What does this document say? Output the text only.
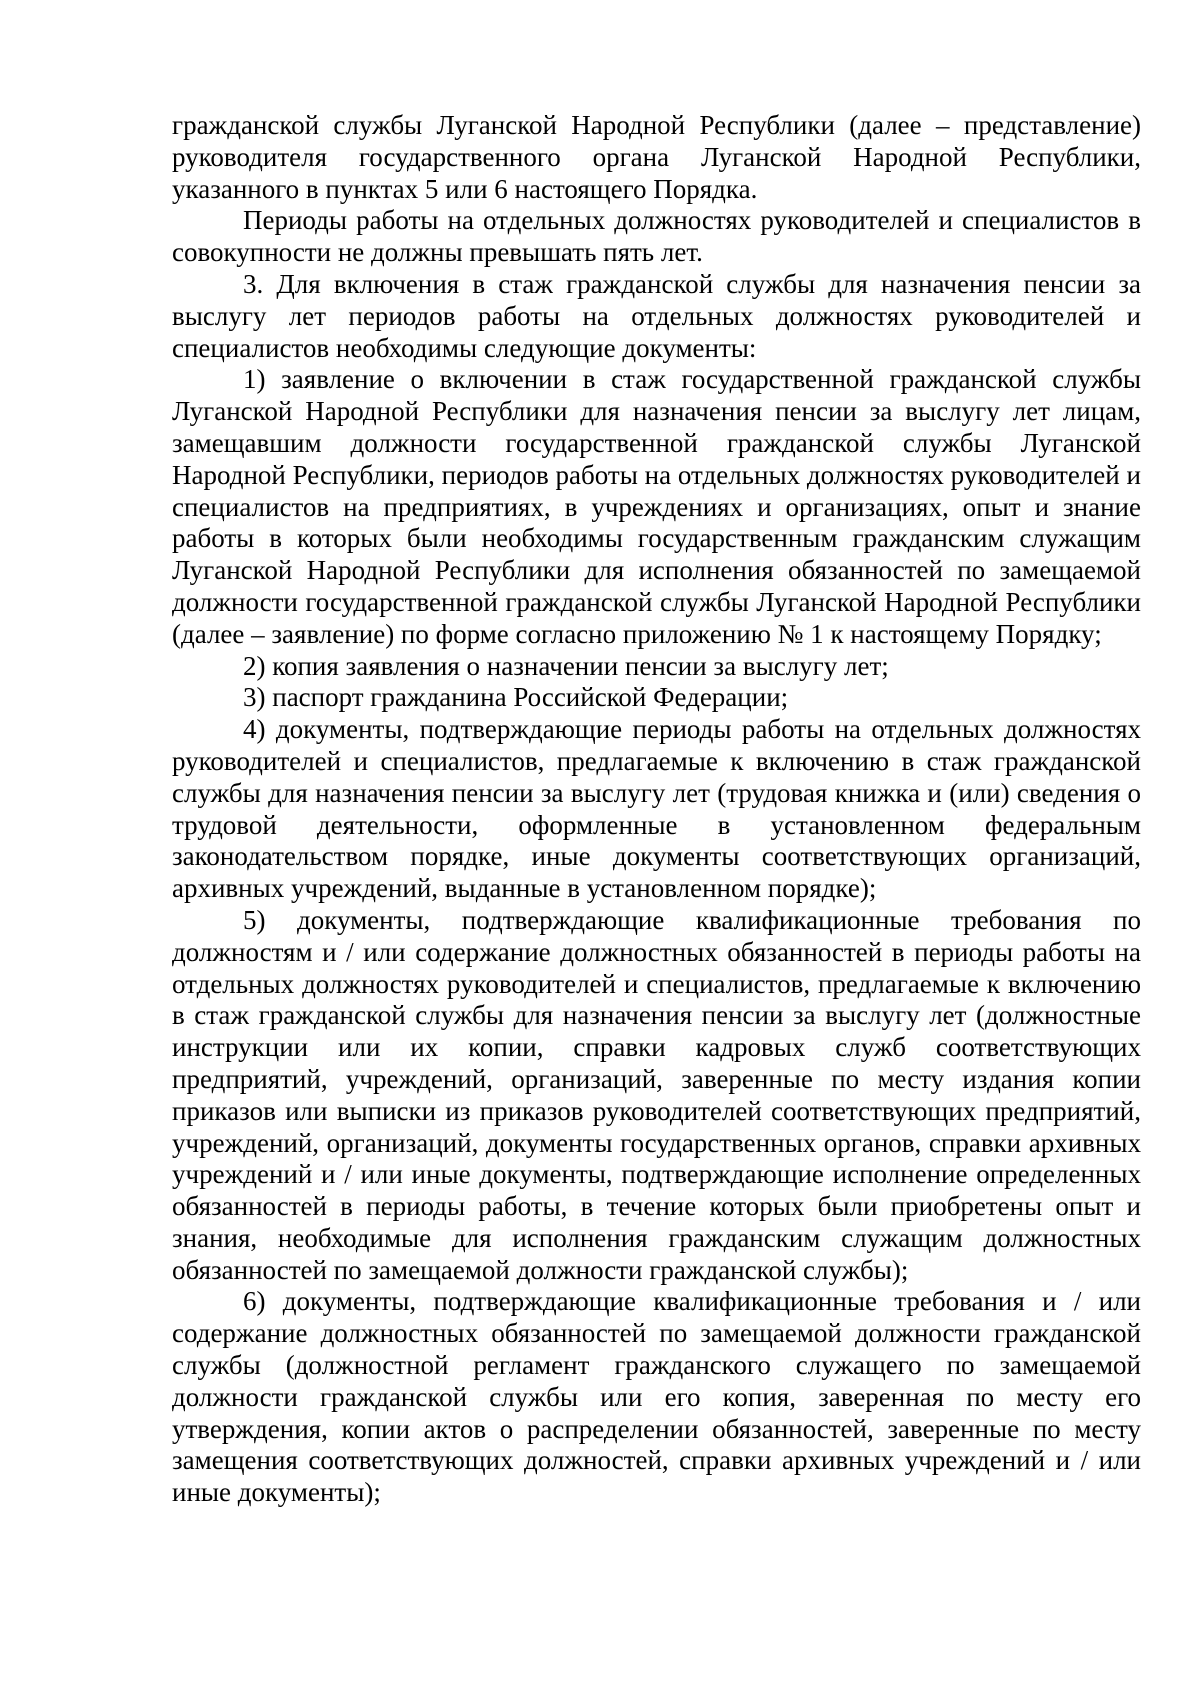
гражданской службы Луганской Народной Республики (далее – представление) руководителя государственного органа Луганской Народной Республики, указанного в пунктах 5 или 6 настоящего Порядка.

Периоды работы на отдельных должностях руководителей и специалистов в совокупности не должны превышать пять лет.

3. Для включения в стаж гражданской службы для назначения пенсии за выслугу лет периодов работы на отдельных должностях руководителей и специалистов необходимы следующие документы:

1) заявление о включении в стаж государственной гражданской службы Луганской Народной Республики для назначения пенсии за выслугу лет лицам, замещавшим должности государственной гражданской службы Луганской Народной Республики, периодов работы на отдельных должностях руководителей и специалистов на предприятиях, в учреждениях и организациях, опыт и знание работы в которых были необходимы государственным гражданским служащим Луганской Народной Республики для исполнения обязанностей по замещаемой должности государственной гражданской службы Луганской Народной Республики (далее – заявление) по форме согласно приложению № 1 к настоящему Порядку;

2) копия заявления о назначении пенсии за выслугу лет;

3) паспорт гражданина Российской Федерации;

4) документы, подтверждающие периоды работы на отдельных должностях руководителей и специалистов, предлагаемые к включению в стаж гражданской службы для назначения пенсии за выслугу лет (трудовая книжка и (или) сведения о трудовой деятельности, оформленные в установленном федеральным законодательством порядке, иные документы соответствующих организаций, архивных учреждений, выданные в установленном порядке);

5) документы, подтверждающие квалификационные требования по должностям и / или содержание должностных обязанностей в периоды работы на отдельных должностях руководителей и специалистов, предлагаемые к включению в стаж гражданской службы для назначения пенсии за выслугу лет (должностные инструкции или их копии, справки кадровых служб соответствующих предприятий, учреждений, организаций, заверенные по месту издания копии приказов или выписки из приказов руководителей соответствующих предприятий, учреждений, организаций, документы государственных органов, справки архивных учреждений и / или иные документы, подтверждающие исполнение определенных обязанностей в периоды работы, в течение которых были приобретены опыт и знания, необходимые для исполнения гражданским служащим должностных обязанностей по замещаемой должности гражданской службы);

6) документы, подтверждающие квалификационные требования и / или содержание должностных обязанностей по замещаемой должности гражданской службы (должностной регламент гражданского служащего по замещаемой должности гражданской службы или его копия, заверенная по месту его утверждения, копии актов о распределении обязанностей, заверенные по месту замещения соответствующих должностей, справки архивных учреждений и / или иные документы);
